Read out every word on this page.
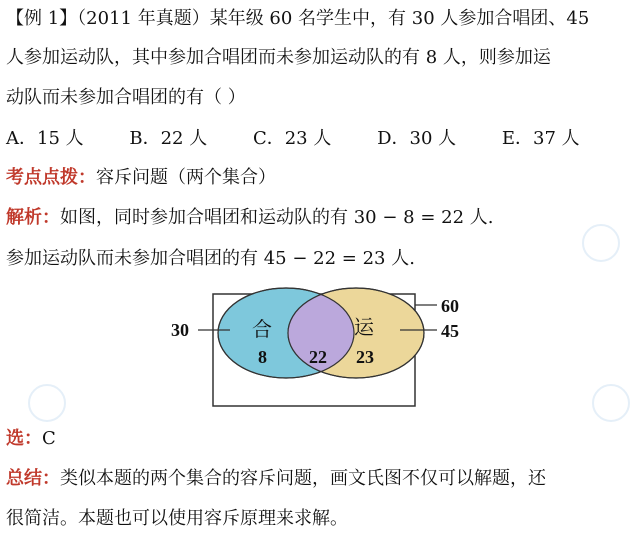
【例 1】（2011 年真题）某年级 60 名学生中，有 30 人参加合唱团、45
人参加运动队，其中参加合唱团而未参加运动队的有 8 人，则参加运
动队而未参加合唱团的有（ ）
A．15 人	B．22 人	C．23 人	D．30 人	E．37 人
考点点拨：容斥问题（两个集合）
解析：如图，同时参加合唱团和运动队的有 30 − 8 = 22 人.
参加运动队而未参加合唱团的有 45 − 22 = 23 人.
30	45
60
8 22 23
合	运
选：C
总结：类似本题的两个集合的容斥问题，画文氏图不仅可以解题，还
很简洁。本题也可以使用容斥原理来求解。
